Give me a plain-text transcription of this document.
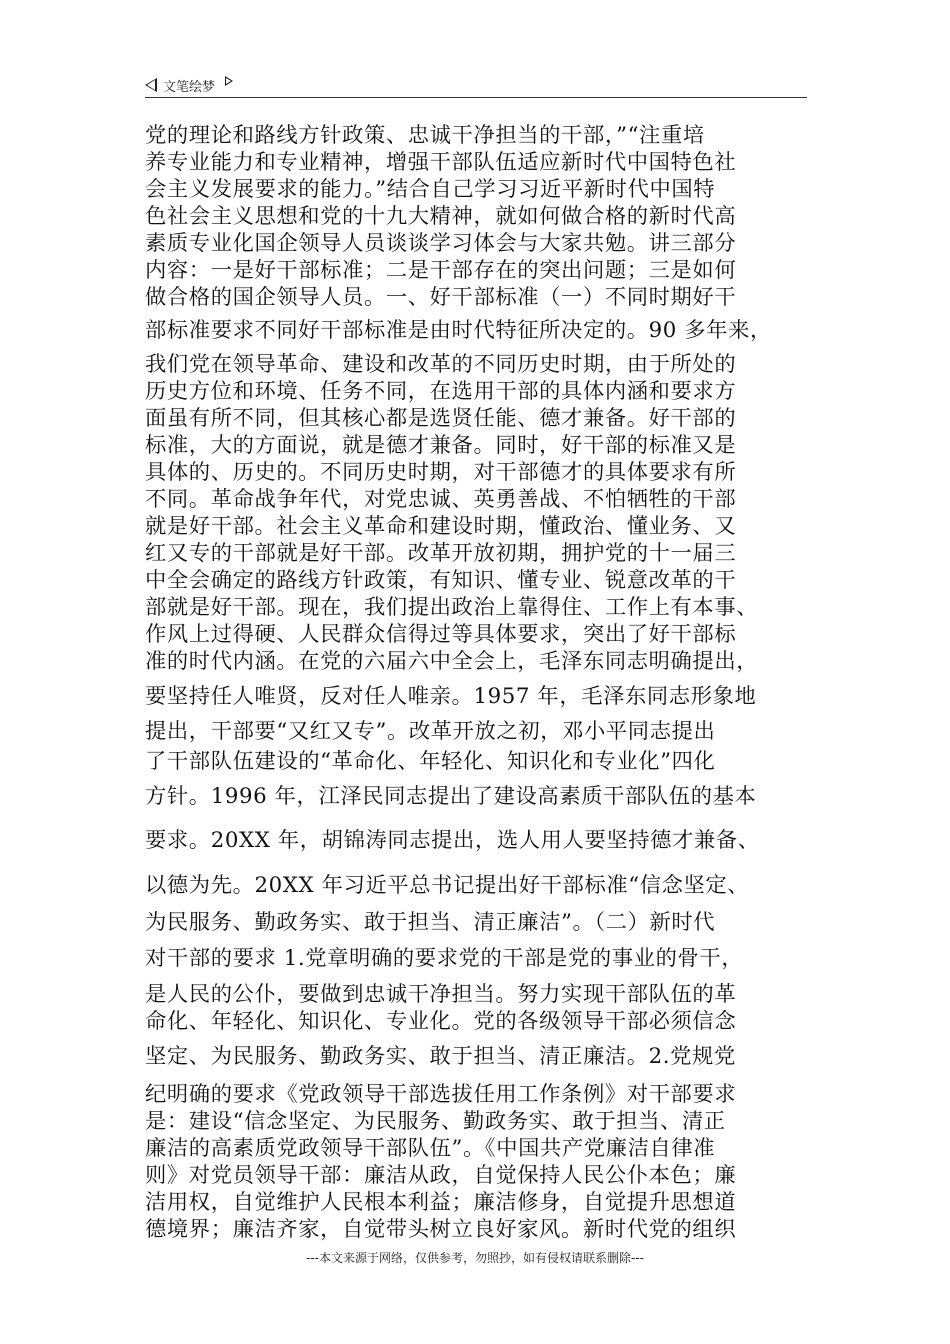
文笔绘梦
党的理论和路线方针政策、忠诚干净担当的干部，”“注重培
养专业能力和专业精神，增强干部队伍适应新时代中国特色社
会主义发展要求的能力。”结合自己学习习近平新时代中国特
色社会主义思想和党的十九大精神，就如何做合格的新时代高
素质专业化国企领导人员谈谈学习体会与大家共勉。讲三部分
内容：一是好干部标准；二是干部存在的突出问题；三是如何
做合格的国企领导人员。一、好干部标准（一）不同时期好干
部标准要求不同好干部标准是由时代特征所决定的。90 多年来，
我们党在领导革命、建设和改革的不同历史时期，由于所处的
历史方位和环境、任务不同，在选用干部的具体内涵和要求方
面虽有所不同，但其核心都是选贤任能、德才兼备。好干部的
标准，大的方面说，就是德才兼备。同时，好干部的标准又是
具体的、历史的。不同历史时期，对干部德才的具体要求有所
不同。革命战争年代，对党忠诚、英勇善战、不怕牺牲的干部
就是好干部。社会主义革命和建设时期，懂政治、懂业务、又
红又专的干部就是好干部。改革开放初期，拥护党的十一届三
中全会确定的路线方针政策，有知识、懂专业、锐意改革的干
部就是好干部。现在，我们提出政治上靠得住、工作上有本事、
作风上过得硬、人民群众信得过等具体要求，突出了好干部标
准的时代内涵。在党的六届六中全会上，毛泽东同志明确提出，
要坚持任人唯贤，反对任人唯亲。1957 年，毛泽东同志形象地
提出，干部要“又红又专”。改革开放之初，邓小平同志提出
了干部队伍建设的“革命化、年轻化、知识化和专业化”四化
方针。1996 年，江泽民同志提出了建设高素质干部队伍的基本
要求。20XX 年，胡锦涛同志提出，选人用人要坚持德才兼备、
以德为先。20XX 年习近平总书记提出好干部标准“信念坚定、
为民服务、勤政务实、敢于担当、清正廉洁”。（二）新时代
对干部的要求 1.党章明确的要求党的干部是党的事业的骨干，
是人民的公仆，要做到忠诚干净担当。努力实现干部队伍的革
命化、年轻化、知识化、专业化。党的各级领导干部必须信念
坚定、为民服务、勤政务实、敢于担当、清正廉洁。2.党规党
纪明确的要求《党政领导干部选拔任用工作条例》对干部要求
是：建设“信念坚定、为民服务、勤政务实、敢于担当、清正
廉洁的高素质党政领导干部队伍”。《中国共产党廉洁自律准
则》对党员领导干部：廉洁从政，自觉保持人民公仆本色；廉
洁用权，自觉维护人民根本利益；廉洁修身，自觉提升思想道
德境界；廉洁齐家，自觉带头树立良好家风。新时代党的组织
---本文来源于网络，仅供参考，勿照抄，如有侵权请联系删除---
